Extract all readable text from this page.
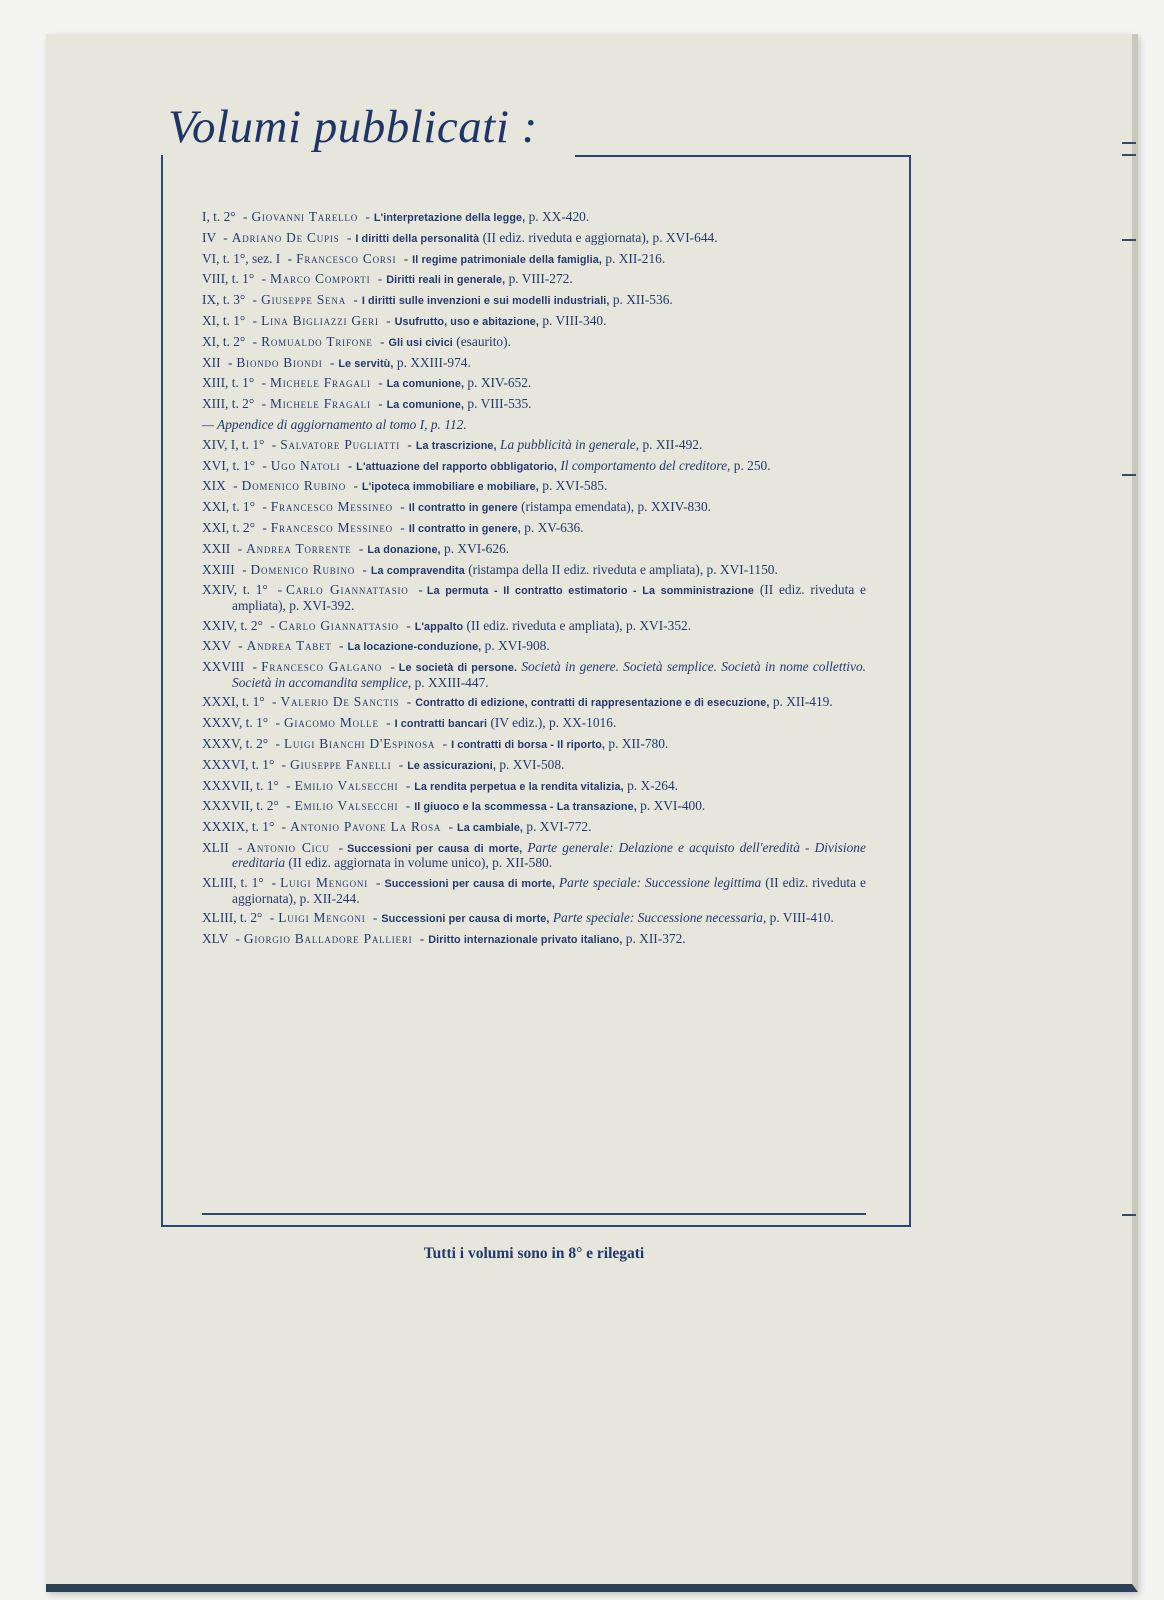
Volumi pubblicati :
I, t. 2° - Giovanni Tarello - L'interpretazione della legge, p. XX-420.
IV - Adriano De Cupis - I diritti della personalità (II ediz. riveduta e aggiornata), p. XVI-644.
VI, t. 1°, sez. I - Francesco Corsi - Il regime patrimoniale della famiglia, p. XII-216.
VIII, t. 1° - Marco Comporti - Diritti reali in generale, p. VIII-272.
IX, t. 3° - Giuseppe Sena - I diritti sulle invenzioni e sui modelli industriali, p. XII-536.
XI, t. 1° - Lina Bigliazzi Geri - Usufrutto, uso e abitazione, p. VIII-340.
XI, t. 2° - Romualdo Trifone - Gli usi civici (esaurito).
XII - Biondo Biondi - Le servitù, p. XXIII-974.
XIII, t. 1° - Michele Fragali - La comunione, p. XIV-652.
XIII, t. 2° - Michele Fragali - La comunione, p. VIII-535.
— Appendice di aggiornamento al tomo I, p. 112.
XIV, I, t. 1° - Salvatore Pugliatti - La trascrizione, La pubblicità in generale, p. XII-492.
XVI, t. 1° - Ugo Natoli - L'attuazione del rapporto obbligatorio, Il comportamento del creditore, p. 250.
XIX - Domenico Rubino - L'ipoteca immobiliare e mobiliare, p. XVI-585.
XXI, t. 1° - Francesco Messineo - Il contratto in genere (ristampa emendata), p. XXIV-830.
XXI, t. 2° - Francesco Messineo - Il contratto in genere, p. XV-636.
XXII - Andrea Torrente - La donazione, p. XVI-626.
XXIII - Domenico Rubino - La compravendita (ristampa della II ediz. riveduta e ampliata), p. XVI-1150.
XXIV, t. 1° - Carlo Giannattasio - La permuta - Il contratto estimatorio - La somministrazione (II ediz. riveduta e ampliata), p. XVI-392.
XXIV, t. 2° - Carlo Giannattasio - L'appalto (II ediz. riveduta e ampliata), p. XVI-352.
XXV - Andrea Tabet - La locazione-conduzione, p. XVI-908.
XXVIII - Francesco Galgano - Le società di persone. Società in genere. Società semplice. Società in nome collettivo. Società in accomandita semplice, p. XXIII-447.
XXXI, t. 1° - Valerio De Sanctis - Contratto di edizione, contratti di rappresentazione e di esecuzione, p. XII-419.
XXXV, t. 1° - Giacomo Molle - I contratti bancari (IV ediz.), p. XX-1016.
XXXV, t. 2° - Luigi Bianchi D'Espinosa - I contratti di borsa - Il riporto, p. XII-780.
XXXVI, t. 1° - Giuseppe Fanelli - Le assicurazioni, p. XVI-508.
XXXVII, t. 1° - Emilio Valsecchi - La rendita perpetua e la rendita vitalizia, p. X-264.
XXXVII, t. 2° - Emilio Valsecchi - Il giuoco e la scommessa - La transazione, p. XVI-400.
XXXIX, t. 1° - Antonio Pavone La Rosa - La cambiale, p. XVI-772.
XLII - Antonio Cicu - Successioni per causa di morte, Parte generale: Delazione e acquisto dell'eredità - Divisione ereditaria (II ediz. aggiornata in volume unico), p. XII-580.
XLIII, t. 1° - Luigi Mengoni - Successioni per causa di morte, Parte speciale: Successione legittima (II ediz. riveduta e aggiornata), p. XII-244.
XLIII, t. 2° - Luigi Mengoni - Successioni per causa di morte, Parte speciale: Successione necessaria, p. VIII-410.
XLV - Giorgio Balladore Pallieri - Diritto internazionale privato italiano, p. XII-372.
Tutti i volumi sono in 8° e rilegati
